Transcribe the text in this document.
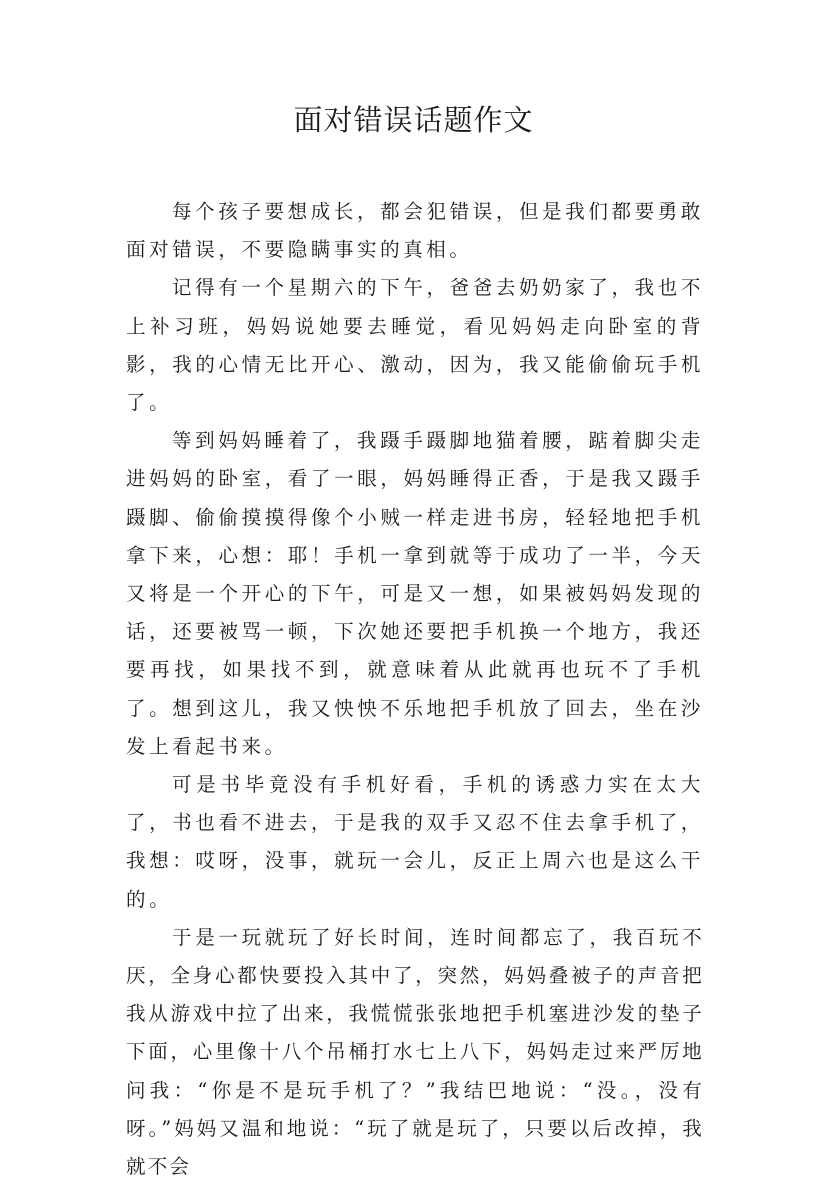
面对错误话题作文

每个孩子要想成长，都会犯错误，但是我们都要勇敢面对错误，不要隐瞒事实的真相。

记得有一个星期六的下午，爸爸去奶奶家了，我也不上补习班，妈妈说她要去睡觉，看见妈妈走向卧室的背影，我的心情无比开心、激动，因为，我又能偷偷玩手机了。

等到妈妈睡着了，我蹑手蹑脚地猫着腰，踮着脚尖走进妈妈的卧室，看了一眼，妈妈睡得正香，于是我又蹑手蹑脚、偷偷摸摸得像个小贼一样走进书房，轻轻地把手机拿下来，心想：耶！手机一拿到就等于成功了一半，今天又将是一个开心的下午，可是又一想，如果被妈妈发现的话，还要被骂一顿，下次她还要把手机换一个地方，我还要再找，如果找不到，就意味着从此就再也玩不了手机了。想到这儿，我又怏怏不乐地把手机放了回去，坐在沙发上看起书来。

可是书毕竟没有手机好看，手机的诱惑力实在太大了，书也看不进去，于是我的双手又忍不住去拿手机了，我想：哎呀，没事，就玩一会儿，反正上周六也是这么干的。

于是一玩就玩了好长时间，连时间都忘了，我百玩不厌，全身心都快要投入其中了，突然，妈妈叠被子的声音把我从游戏中拉了出来，我慌慌张张地把手机塞进沙发的垫子下面，心里像十八个吊桶打水七上八下，妈妈走过来严厉地问我：“你是不是玩手机了？”我结巴地说：“没。，没有呀。”妈妈又温和地说：“玩了就是玩了，只要以后改掉，我就不会
